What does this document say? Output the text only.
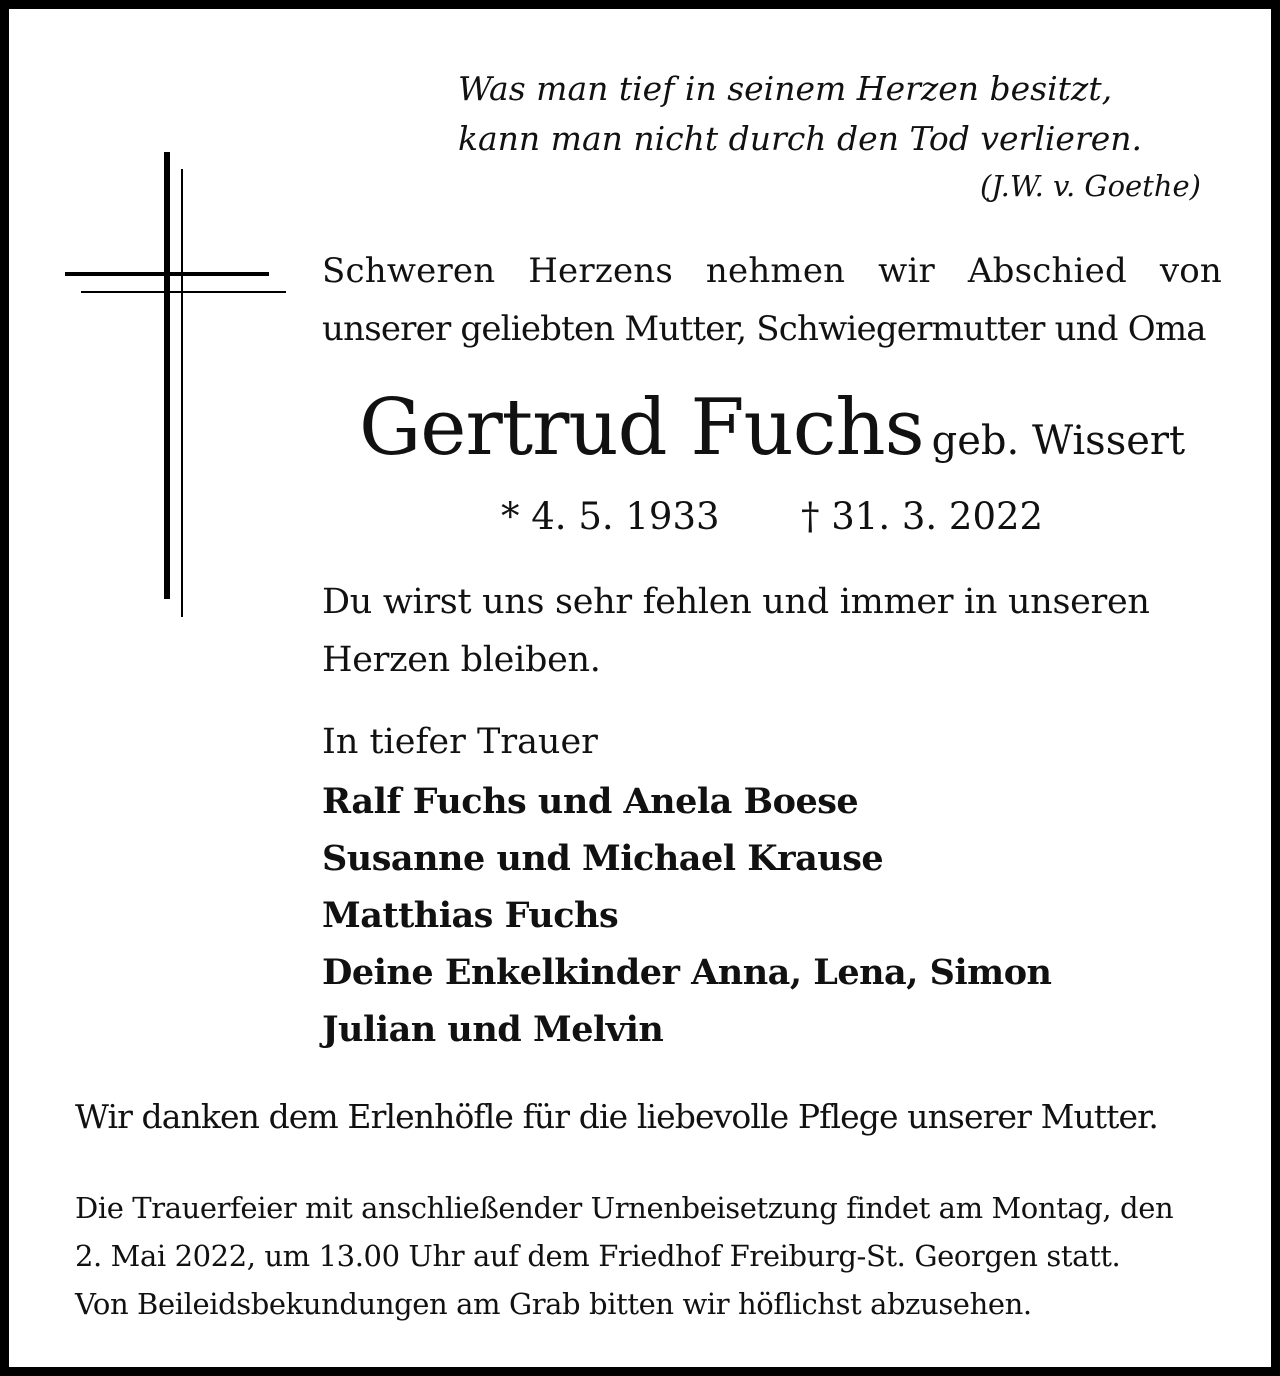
Was man tief in seinem Herzen besitzt,
kann man nicht durch den Tod verlieren.
(J.W. v. Goethe)
Schweren Herzens nehmen wir Abschied von
unserer geliebten Mutter, Schwiegermutter und Oma
Gertrud Fuchs geb. Wissert
* 4. 5. 1933 † 31. 3. 2022
Du wirst uns sehr fehlen und immer in unseren
Herzen bleiben.
In tiefer Trauer
Ralf Fuchs und Anela Boese
Susanne und Michael Krause
Matthias Fuchs
Deine Enkelkinder Anna, Lena, Simon
Julian und Melvin
Wir danken dem Erlenhöfle für die liebevolle Pflege unserer Mutter.
Die Trauerfeier mit anschließender Urnenbeisetzung findet am Montag, den
2. Mai 2022, um 13.00 Uhr auf dem Friedhof Freiburg-St. Georgen statt.
Von Beileidsbekundungen am Grab bitten wir höflichst abzusehen.
